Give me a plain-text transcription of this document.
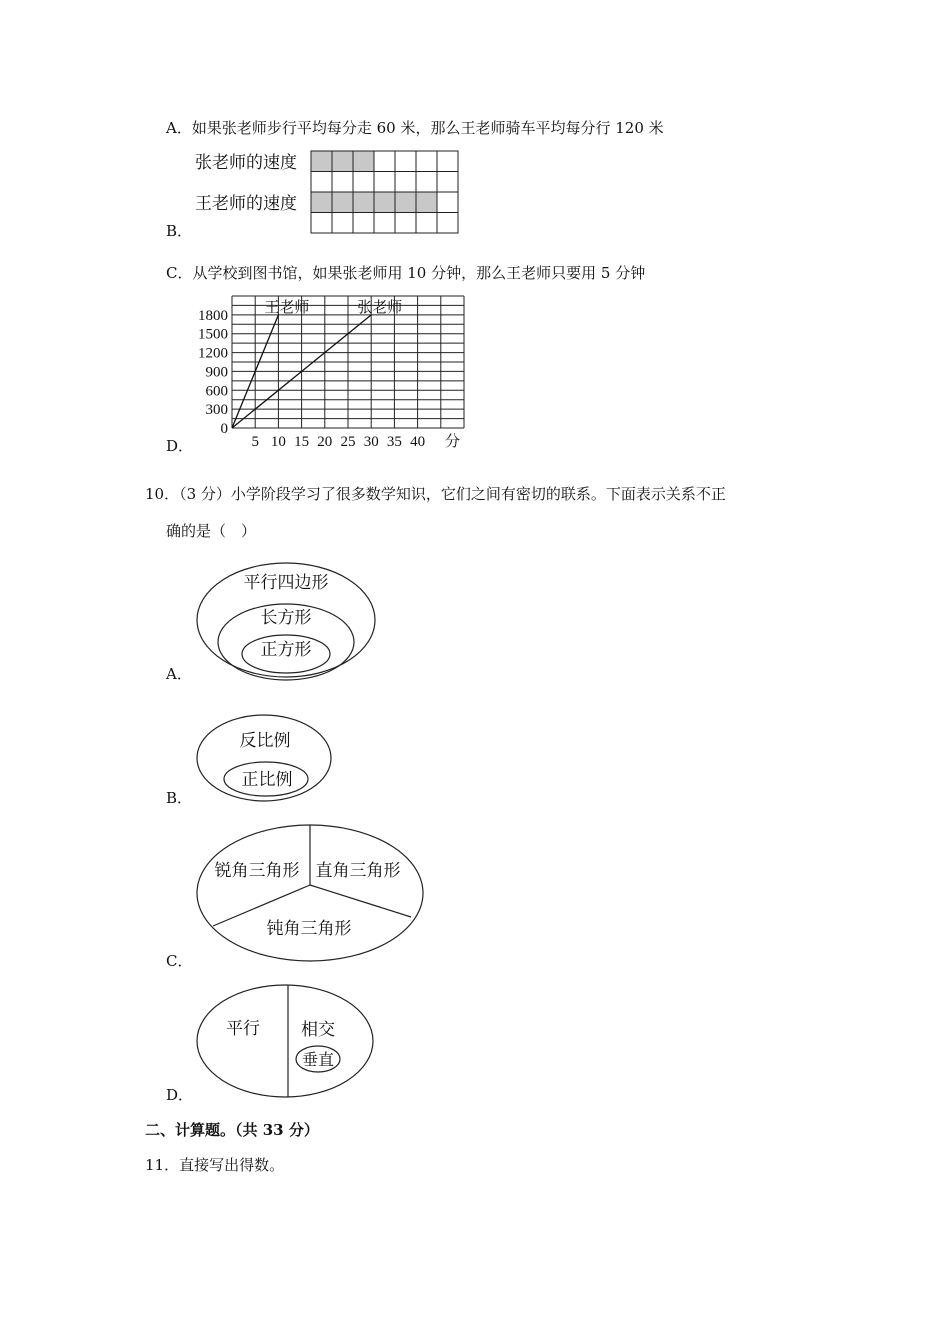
A．如果张老师步行平均每分走 60 米，那么王老师骑车平均每分行 120 米
张老师的速度
王老师的速度
B．
C．从学校到图书馆，如果张老师用 10 分钟，那么王老师只要用 5 分钟
王老师	张老师
1800
1500
1200
900
600
300
0
5 10 15 20 25 30 35 40 分
D．
10．（3 分）小学阶段学习了很多数学知识，它们之间有密切的联系。下面表示关系不正
确的是（　）
平行四边形
长方形
正方形
A．
反比例
正比例
B．
锐角三角形 直角三角形
钝角三角形
C．
平行 相交
垂直
D．
二、计算题。（共 33 分）
11．直接写出得数。
